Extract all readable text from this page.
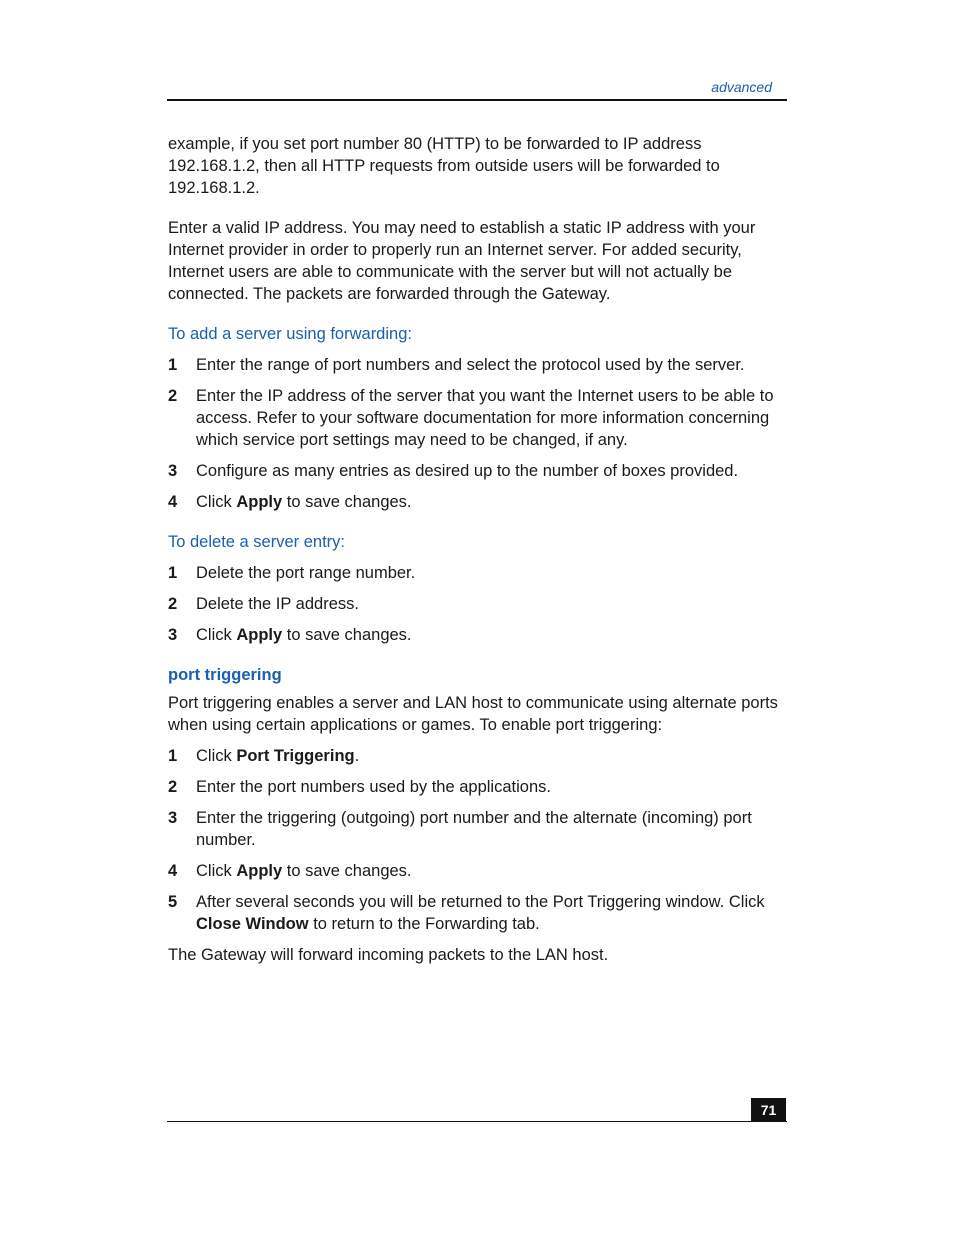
advanced

example, if you set port number 80 (HTTP) to be forwarded to IP address 192.168.1.2, then all HTTP requests from outside users will be forwarded to 192.168.1.2.

Enter a valid IP address. You may need to establish a static IP address with your Internet provider in order to properly run an Internet server. For added security, Internet users are able to communicate with the server but will not actually be connected. The packets are forwarded through the Gateway.

To add a server using forwarding:
1 Enter the range of port numbers and select the protocol used by the server.
2 Enter the IP address of the server that you want the Internet users to be able to access. Refer to your software documentation for more information concerning which service port settings may need to be changed, if any.
3 Configure as many entries as desired up to the number of boxes provided.
4 Click Apply to save changes.
To delete a server entry:
1 Delete the port range number.
2 Delete the IP address.
3 Click Apply to save changes.
port triggering

Port triggering enables a server and LAN host to communicate using alternate ports when using certain applications or games. To enable port triggering:

1 Click Port Triggering.
2 Enter the port numbers used by the applications.
3 Enter the triggering (outgoing) port number and the alternate (incoming) port number.
4 Click Apply to save changes.
5 After several seconds you will be returned to the Port Triggering window. Click Close Window to return to the Forwarding tab.

The Gateway will forward incoming packets to the LAN host.

71
